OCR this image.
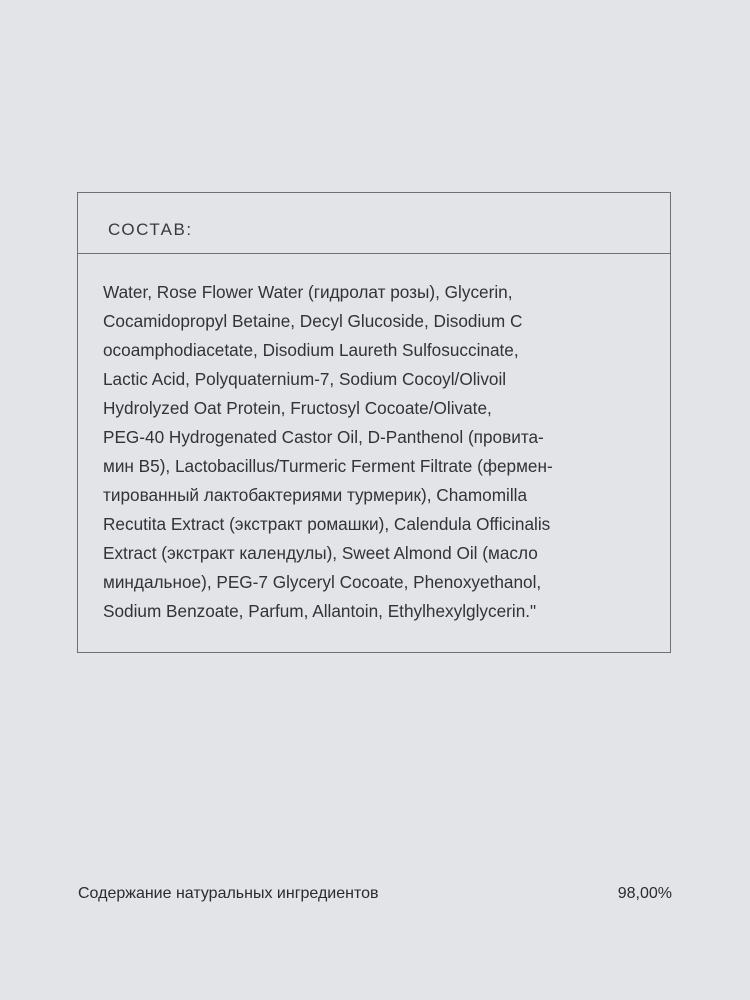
СОСТАВ:
Water, Rose Flower Water (гидролат розы), Glycerin,
Cocamidopropyl Betaine, Decyl Glucoside, Disodium C
ocoamphodiacetate, Disodium Laureth Sulfosuccinate,
Lactic Acid, Polyquaternium-7, Sodium Cocoyl/Olivoil
Hydrolyzed Oat Protein, Fructosyl Cocoate/Olivate,
PEG-40 Hydrogenated Castor Oil, D-Panthenol (провита-
мин B5), Lactobacillus/Turmeric Ferment Filtrate (фермен-
тированный лактобактериями турмерик), Chamomilla
Recutita Extract (экстракт ромашки), Calendula Officinalis
Extract (экстракт календулы), Sweet Almond Oil (масло
миндальное), PEG-7 Glyceryl Cocoate, Phenoxyethanol,
Sodium Benzoate, Parfum, Allantoin, Ethylhexylglycerin."
Содержание натуральных ингредиентов	98,00%
